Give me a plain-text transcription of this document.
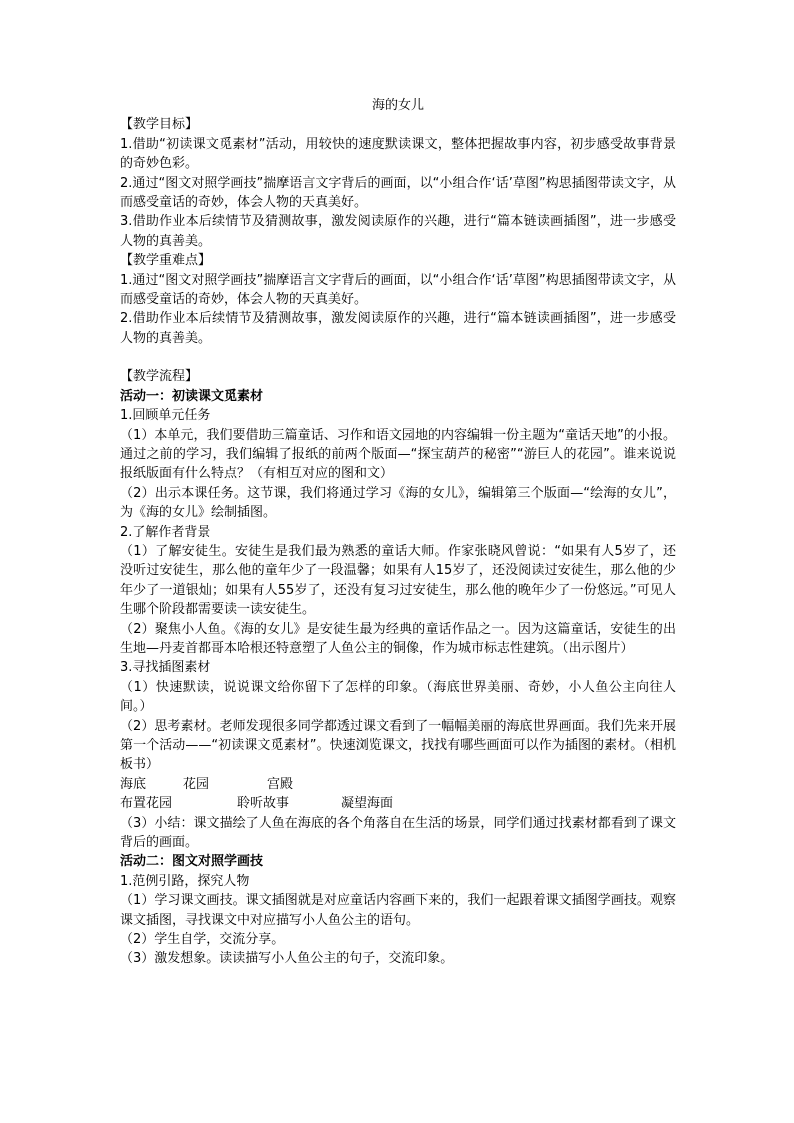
海的女儿

【教学目标】

1.借助“初读课文觅素材”活动，用较快的速度默读课文，整体把握故事内容，初步感受故事背景的奇妙色彩。

2.通过“图文对照学画技”揣摩语言文字背后的画面，以“小组合作‘话’草图”构思插图带读文字，从而感受童话的奇妙，体会人物的天真美好。

3.借助作业本后续情节及猜测故事，激发阅读原作的兴趣，进行“篇本链读画插图”，进一步感受人物的真善美。

【教学重难点】

1.通过“图文对照学画技”揣摩语言文字背后的画面，以“小组合作‘话’草图”构思插图带读文字，从而感受童话的奇妙，体会人物的天真美好。

2.借助作业本后续情节及猜测故事，激发阅读原作的兴趣，进行“篇本链读画插图”，进一步感受人物的真善美。

【教学流程】

活动一：初读课文觅素材

1.回顾单元任务

（1）本单元，我们要借助三篇童话、习作和语文园地的内容编辑一份主题为“童话天地”的小报。通过之前的学习，我们编辑了报纸的前两个版面—“探宝葫芦的秘密”“游巨人的花园”。谁来说说报纸版面有什么特点？（有相互对应的图和文）

（2）出示本课任务。这节课，我们将通过学习《海的女儿》，编辑第三个版面—“绘海的女儿”，为《海的女儿》绘制插图。

2.了解作者背景

（1）了解安徒生。安徒生是我们最为熟悉的童话大师。作家张晓风曾说：“如果有人5岁了，还没听过安徒生，那么他的童年少了一段温馨；如果有人15岁了，还没阅读过安徒生，那么他的少年少了一道银灿；如果有人55岁了，还没有复习过安徒生，那么他的晚年少了一份悠远。”可见人生哪个阶段都需要读一读安徒生。

（2）聚焦小人鱼。《海的女儿》是安徒生最为经典的童话作品之一。因为这篇童话，安徒生的出生地—丹麦首都哥本哈根还特意塑了人鱼公主的铜像，作为城市标志性建筑。（出示图片）

3.寻找插图素材

（1）快速默读，说说课文给你留下了怎样的印象。（海底世界美丽、奇妙，小人鱼公主向往人间。）

（2）思考素材。老师发现很多同学都透过课文看到了一幅幅美丽的海底世界画面。我们先来开展第一个活动——“初读课文觅素材”。快速浏览课文，找找有哪些画面可以作为插图的素材。（相机板书）

海底	花园	宫殿
布置花园	聆听故事	凝望海面

（3）小结：课文描绘了人鱼在海底的各个角落自在生活的场景，同学们通过找素材都看到了课文背后的画面。

活动二：图文对照学画技

1.范例引路，探究人物

（1）学习课文画技。课文插图就是对应童话内容画下来的，我们一起跟着课文插图学画技。观察课文插图，寻找课文中对应描写小人鱼公主的语句。

（2）学生自学，交流分享。

（3）激发想象。读读描写小人鱼公主的句子，交流印象。
